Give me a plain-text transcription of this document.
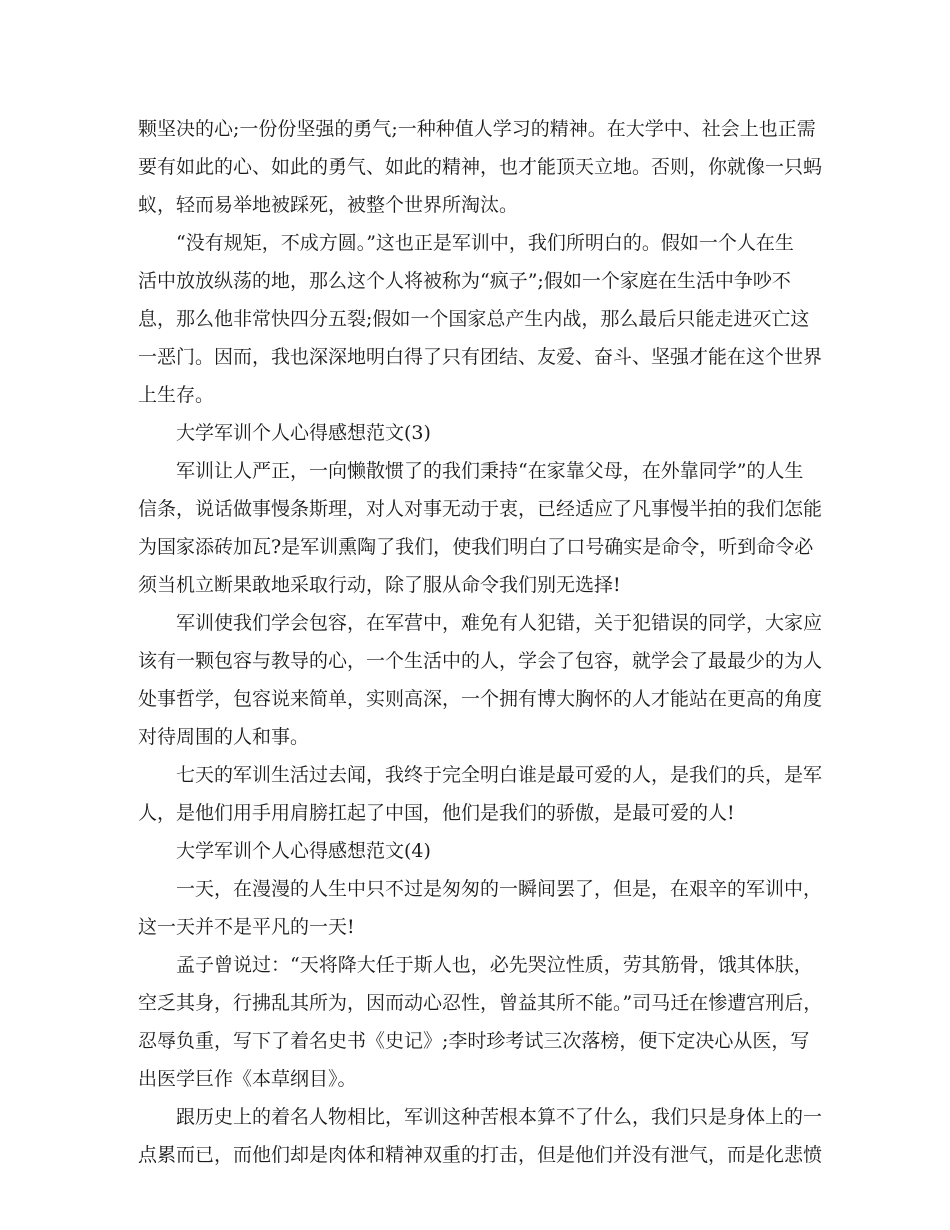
颗坚决的心;一份份坚强的勇气;一种种值人学习的精神。在大学中、社会上也正需
要有如此的心、如此的勇气、如此的精神，也才能顶天立地。否则，你就像一只蚂
蚁，轻而易举地被踩死，被整个世界所淘汰。
“没有规矩，不成方圆。”这也正是军训中，我们所明白的。假如一个人在生
活中放放纵荡的地，那么这个人将被称为“疯子”;假如一个家庭在生活中争吵不
息，那么他非常快四分五裂;假如一个国家总产生内战，那么最后只能走进灭亡这
一恶门。因而，我也深深地明白得了只有团结、友爱、奋斗、坚强才能在这个世界
上生存。
大学军训个人心得感想范文(3)
军训让人严正，一向懒散惯了的我们秉持“在家靠父母，在外靠同学”的人生
信条，说话做事慢条斯理，对人对事无动于衷，已经适应了凡事慢半拍的我们怎能
为国家添砖加瓦?是军训熏陶了我们，使我们明白了口号确实是命令，听到命令必
须当机立断果敢地采取行动，除了服从命令我们别无选择!
军训使我们学会包容，在军营中，难免有人犯错，关于犯错误的同学，大家应
该有一颗包容与教导的心，一个生活中的人，学会了包容，就学会了最最少的为人
处事哲学，包容说来简单，实则高深，一个拥有博大胸怀的人才能站在更高的角度
对待周围的人和事。
七天的军训生活过去闻，我终于完全明白谁是最可爱的人，是我们的兵，是军
人，是他们用手用肩膀扛起了中国，他们是我们的骄傲，是最可爱的人!
大学军训个人心得感想范文(4)
一天，在漫漫的人生中只不过是匆匆的一瞬间罢了，但是，在艰辛的军训中，
这一天并不是平凡的一天!
孟子曾说过：“天将降大任于斯人也，必先哭泣性质，劳其筋骨，饿其体肤，
空乏其身，行拂乱其所为，因而动心忍性，曾益其所不能。”司马迁在惨遭宫刑后，
忍辱负重，写下了着名史书《史记》;李时珍考试三次落榜，便下定决心从医，写
出医学巨作《本草纲目》。
跟历史上的着名人物相比，军训这种苦根本算不了什么，我们只是身体上的一
点累而已，而他们却是肉体和精神双重的打击，但是他们并没有泄气，而是化悲愤
